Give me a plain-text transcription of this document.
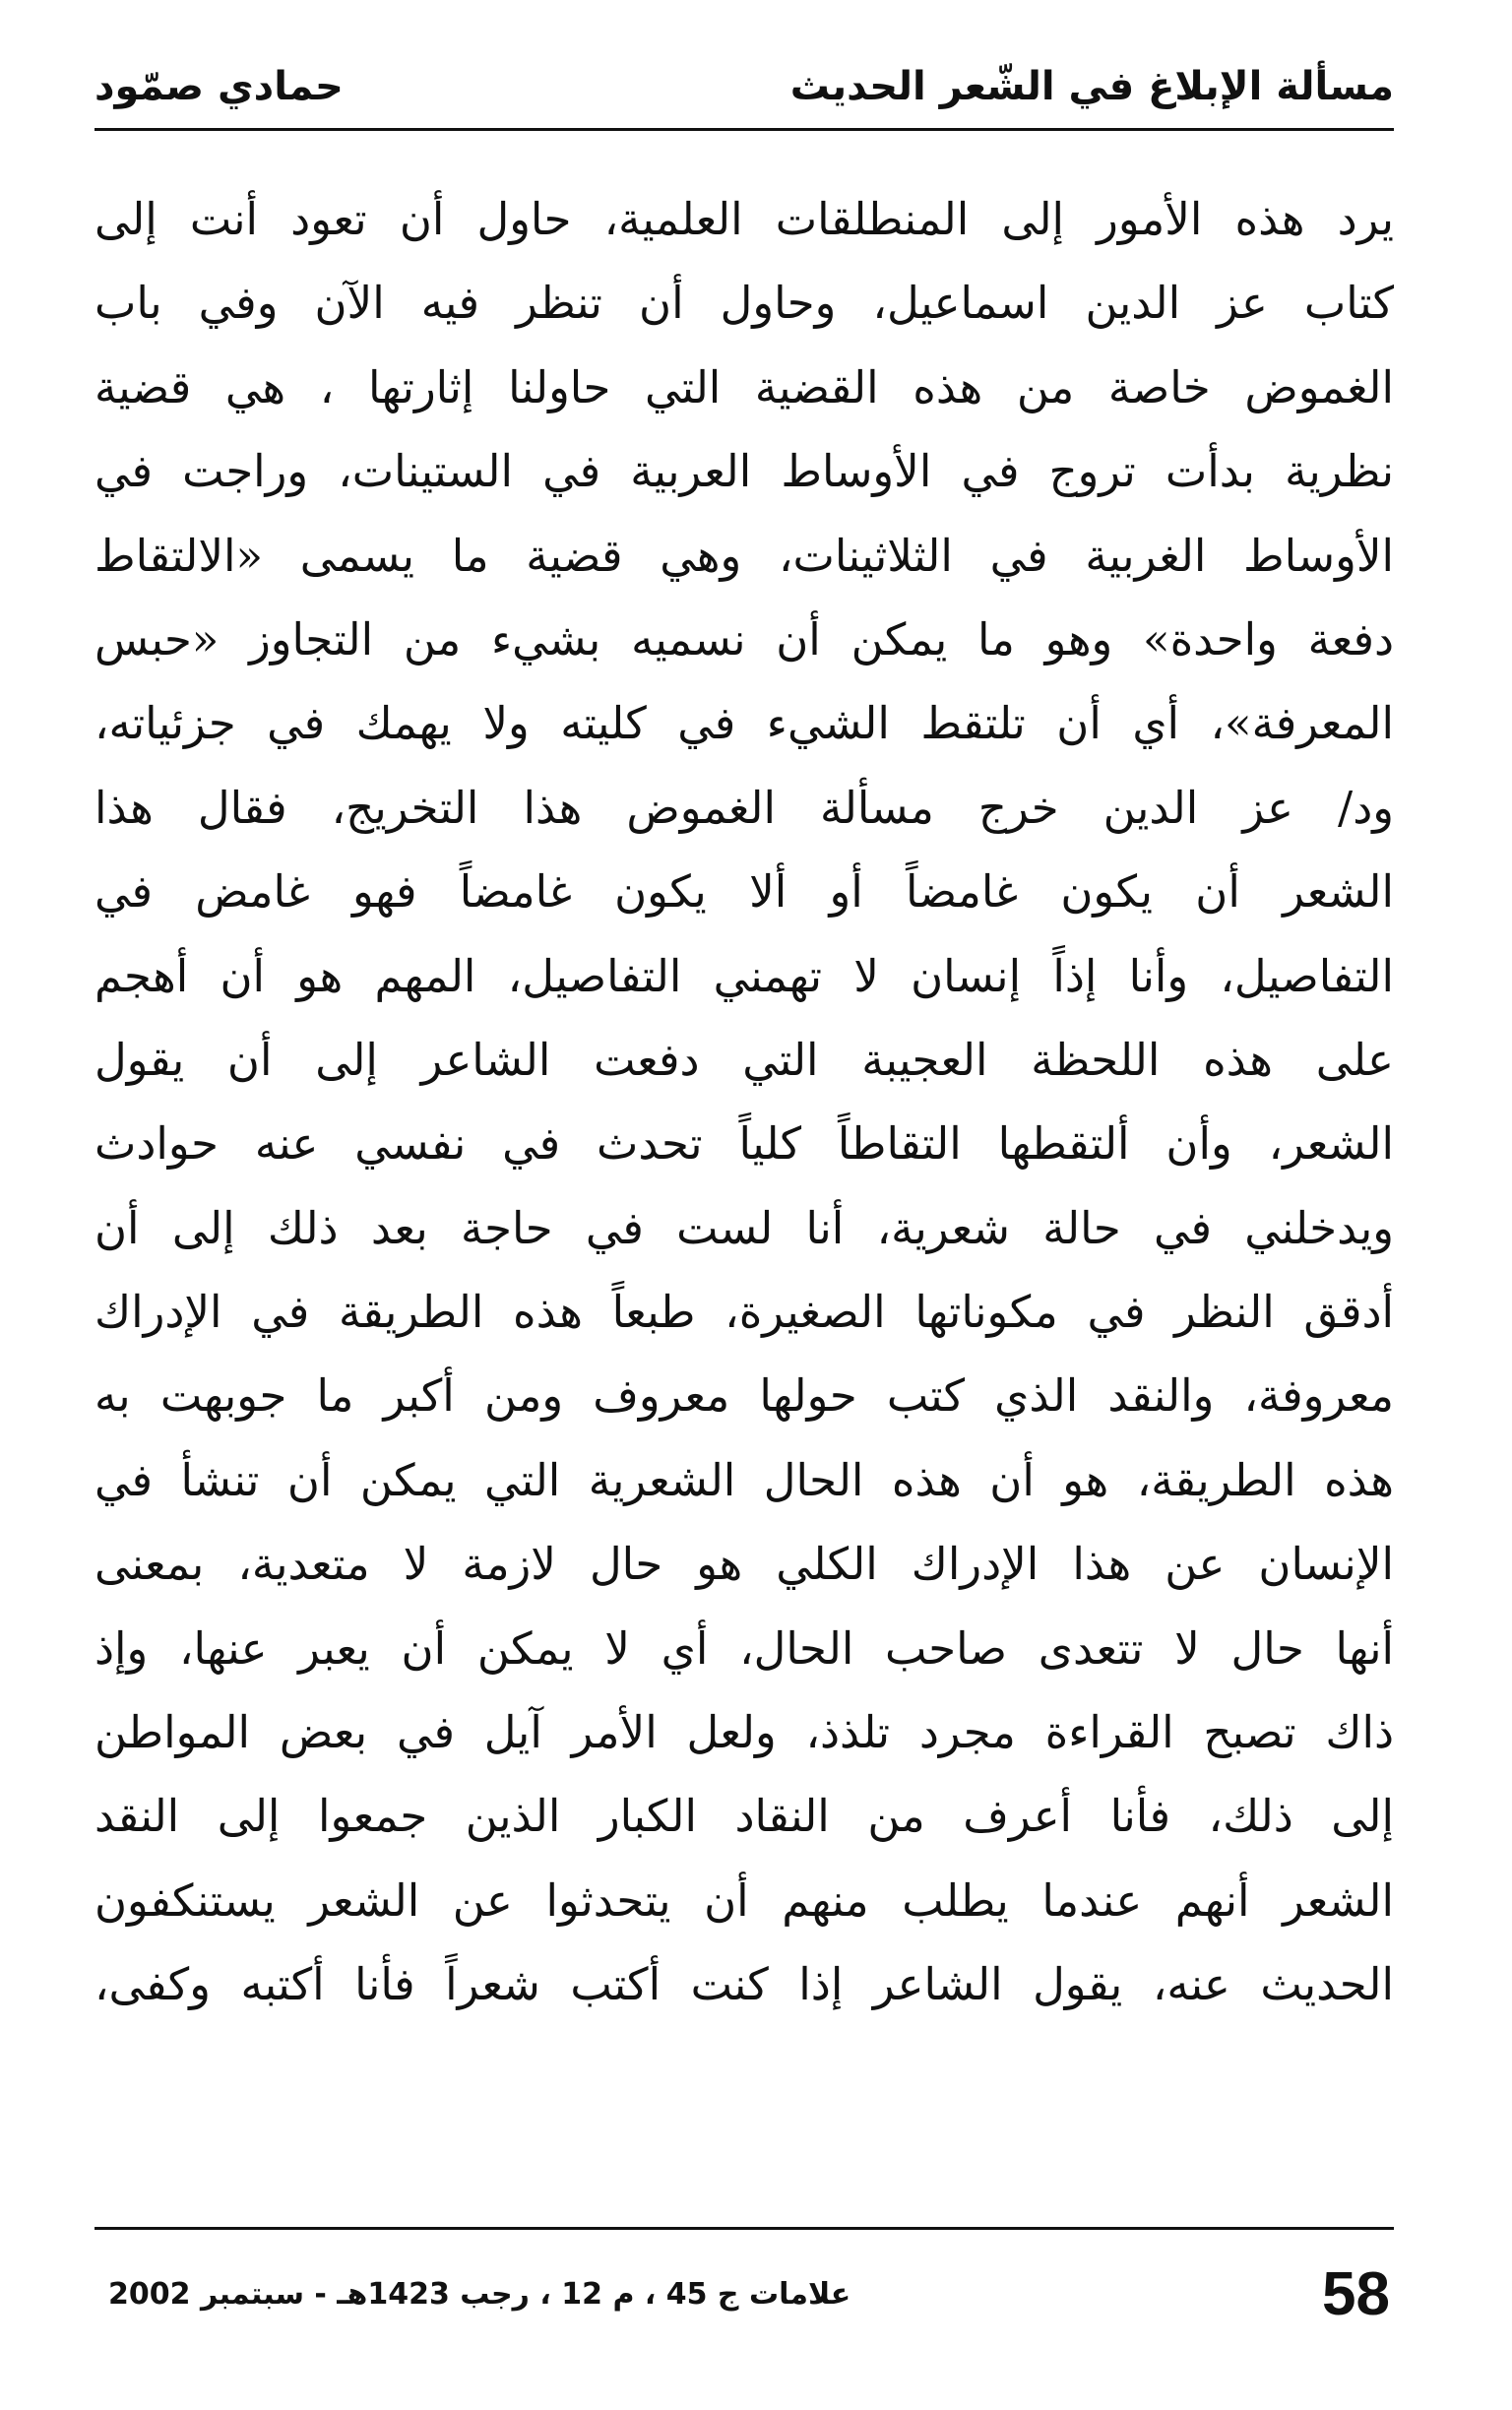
مسألة الإبلاغ في الشّعر الحديث
حمادي صمّود
يرد هذه الأمور إلى المنطلقات العلمية، حاول أن تعود أنت إلى
كتاب عز الدين اسماعيل، وحاول أن تنظر فيه الآن وفي باب
الغموض خاصة من هذه القضية التي حاولنا إثارتها ، هي قضية
نظرية بدأت تروج في الأوساط العربية في الستينات، وراجت في
الأوساط الغربية في الثلاثينات، وهي قضية ما يسمى «الالتقاط
دفعة واحدة» وهو ما يمكن أن نسميه بشيء من التجاوز «حبس
المعرفة»، أي أن تلتقط الشيء في كليته ولا يهمك في جزئياته،
ود/ عز الدين خرج مسألة الغموض هذا التخريج، فقال هذا
الشعر أن يكون غامضاً أو ألا يكون غامضاً فهو غامض في
التفاصيل، وأنا إذاً إنسان لا تهمني التفاصيل، المهم هو أن أهجم
على هذه اللحظة العجيبة التي دفعت الشاعر إلى أن يقول
الشعر، وأن ألتقطها التقاطاً كلياً تحدث في نفسي عنه حوادث
ويدخلني في حالة شعرية، أنا لست في حاجة بعد ذلك إلى أن
أدقق النظر في مكوناتها الصغيرة، طبعاً هذه الطريقة في الإدراك
معروفة، والنقد الذي كتب حولها معروف ومن أكبر ما جوبهت به
هذه الطريقة، هو أن هذه الحال الشعرية التي يمكن أن تنشأ في
الإنسان عن هذا الإدراك الكلي هو حال لازمة لا متعدية، بمعنى
أنها حال لا تتعدى صاحب الحال، أي لا يمكن أن يعبر عنها، وإذ
ذاك تصبح القراءة مجرد تلذذ، ولعل الأمر آيل في بعض المواطن
إلى ذلك، فأنا أعرف من النقاد الكبار الذين جمعوا إلى النقد
الشعر أنهم عندما يطلب منهم أن يتحدثوا عن الشعر يستنكفون
الحديث عنه، يقول الشاعر إذا كنت أكتب شعراً فأنا أكتبه وكفى،
58
علامات ج 45 ، م 12 ، رجب 1423هـ - سبتمبر 2002
